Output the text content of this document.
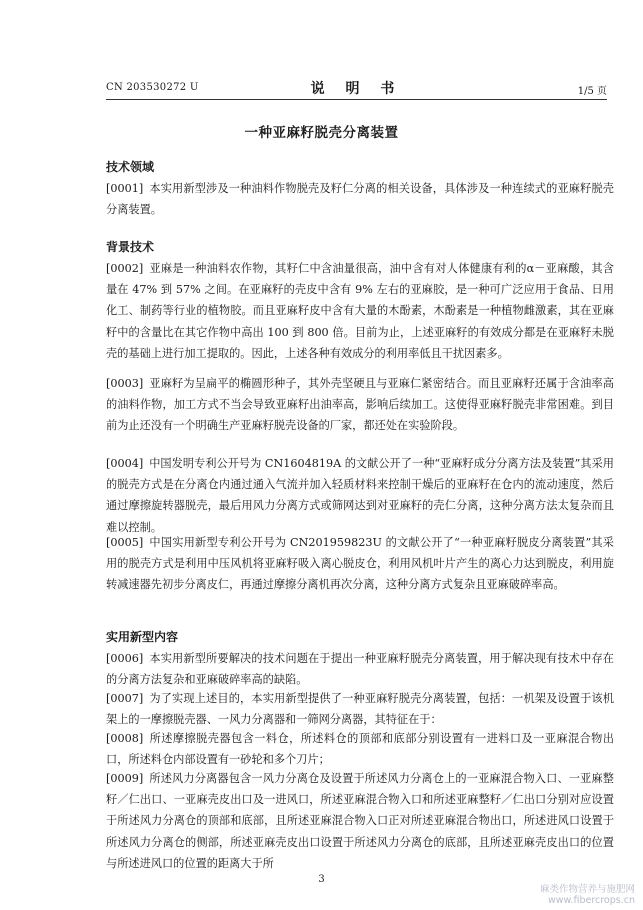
CN 203530272 U	说 明 书	1/5 页
一种亚麻籽脱壳分离装置
技术领域
[0001] 本实用新型涉及一种油料作物脱壳及籽仁分离的相关设备，具体涉及一种连续式的亚麻籽脱壳分离装置。
背景技术
[0002] 亚麻是一种油料农作物，其籽仁中含油量很高，油中含有对人体健康有利的α－亚麻酸，其含量在 47% 到 57% 之间。在亚麻籽的壳皮中含有 9% 左右的亚麻胶，是一种可广泛应用于食品、日用化工、制药等行业的植物胶。而且亚麻籽皮中含有大量的木酚素，木酚素是一种植物雌激素，其在亚麻籽中的含量比在其它作物中高出 100 到 800 倍。目前为止，上述亚麻籽的有效成分都是在亚麻籽未脱壳的基础上进行加工提取的。因此，上述各种有效成分的利用率低且干扰因素多。
[0003] 亚麻籽为呈扁平的椭圆形种子，其外壳坚硬且与亚麻仁紧密结合。而且亚麻籽还属于含油率高的油料作物，加工方式不当会导致亚麻籽出油率高，影响后续加工。这使得亚麻籽脱壳非常困难。到目前为止还没有一个明确生产亚麻籽脱壳设备的厂家，都还处在实验阶段。
[0004] 中国发明专利公开号为 CN1604819A 的文献公开了一种“亚麻籽成分分离方法及装置”其采用的脱壳方式是在分离仓内通过通入气流并加入轻质材料来控制干燥后的亚麻籽在仓内的流动速度，然后通过摩擦旋转器脱壳，最后用风力分离方式或筛网达到对亚麻籽的壳仁分离，这种分离方法太复杂而且难以控制。
[0005] 中国实用新型专利公开号为 CN201959823U 的文献公开了“一种亚麻籽脱皮分离装置”其采用的脱壳方式是利用中压风机将亚麻籽吸入离心脱皮仓，利用风机叶片产生的离心力达到脱皮，利用旋转减速器先初步分离皮仁，再通过摩擦分离机再次分离，这种分离方式复杂且亚麻破碎率高。
实用新型内容
[0006] 本实用新型所要解决的技术问题在于提出一种亚麻籽脱壳分离装置，用于解决现有技术中存在的分离方法复杂和亚麻破碎率高的缺陷。
[0007] 为了实现上述目的，本实用新型提供了一种亚麻籽脱壳分离装置，包括：一机架及设置于该机架上的一摩擦脱壳器、一风力分离器和一筛网分离器，其特征在于：
[0008] 所述摩擦脱壳器包含一料仓，所述料仓的顶部和底部分别设置有一进料口及一亚麻混合物出口，所述料仓内部设置有一砂轮和多个刀片；
[0009] 所述风力分离器包含一风力分离仓及设置于所述风力分离仓上的一亚麻混合物入口、一亚麻整籽／仁出口、一亚麻壳皮出口及一进风口，所述亚麻混合物入口和所述亚麻整籽／仁出口分别对应设置于所述风力分离仓的顶部和底部，且所述亚麻混合物入口正对所述亚麻混合物出口，所述进风口设置于所述风力分离仓的侧部，所述亚麻壳皮出口设置于所述风力分离仓的底部，且所述亚麻壳皮出口的位置与所述进风口的位置的距离大于所
3
麻类作物营养与施肥网
www.fibercrops.cn
